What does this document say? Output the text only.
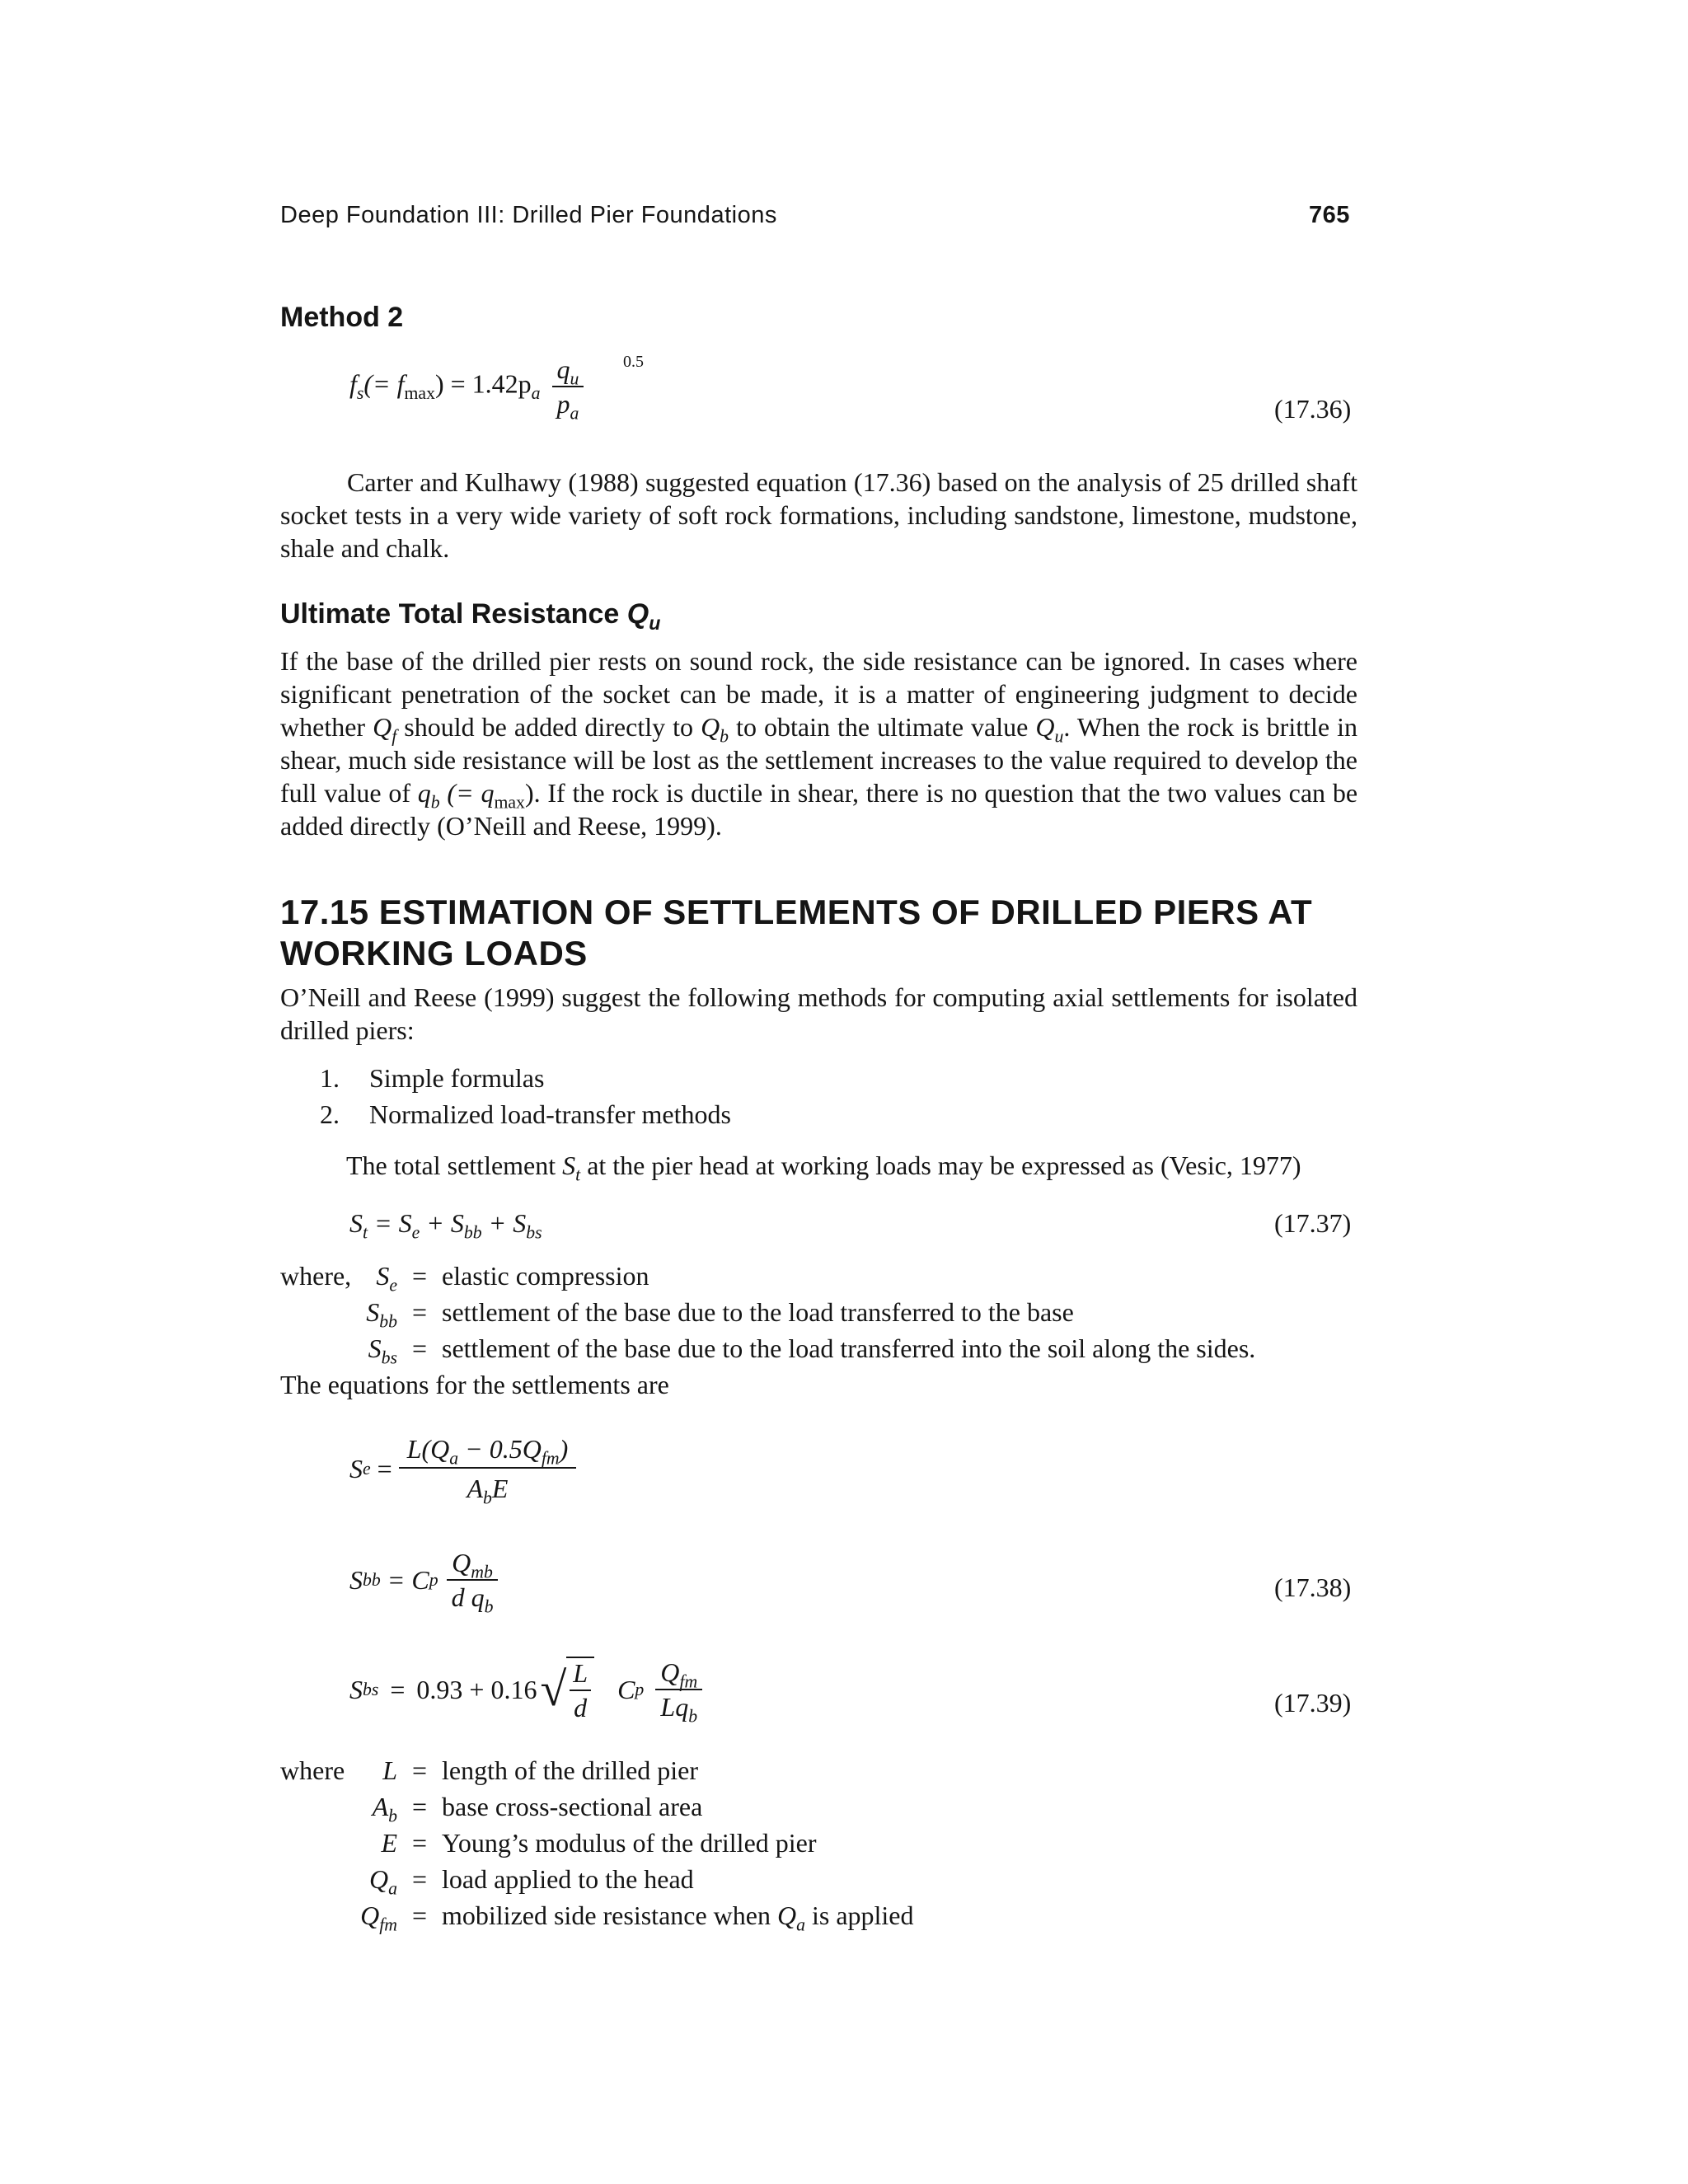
Deep Foundation III: Drilled Pier Foundations	765
Method 2
$f_s(= f_{max}) = 1.42p_a \frac{q_u}{p_a} 0.5$
(17.36)
Carter and Kulhawy (1988) suggested equation (17.36) based on the analysis of 25 drilled shaft socket tests in a very wide variety of soft rock formations, including sandstone, limestone, mudstone, shale and chalk.
Ultimate Total Resistance $Q_u$
If the base of the drilled pier rests on sound rock, the side resistance can be ignored. In cases where significant penetration of the socket can be made, it is a matter of engineering judgment to decide whether $Q_f$ should be added directly to $Q_b$ to obtain the ultimate value $Q_u$. When the rock is brittle in shear, much side resistance will be lost as the settlement increases to the value required to develop the full value of $q_b$ (= $q_{max}$). If the rock is ductile in shear, there is no question that the two values can be added directly (O’Neill and Reese, 1999).
17.15 ESTIMATION OF SETTLEMENTS OF DRILLED PIERS AT
WORKING LOADS
O’Neill and Reese (1999) suggest the following methods for computing axial settlements for isolated drilled piers:
1. Simple formulas
2. Normalized load-transfer methods
The total settlement $S_t$ at the pier head at working loads may be expressed as (Vesic, 1977)
$S_t = S_e + S_{bb} + S_{bs}$	(17.37)
where, $S_e$ = elastic compression
$S_{bb}$ = settlement of the base due to the load transferred to the base
$S_{bs}$ = settlement of the base due to the load transferred into the soil along the sides.
The equations for the settlements are
S $e = \frac{L(Q_a - 0.5Q_{fm})}{A_bE}$
S bb = C p $\frac{Q_{mb}}{d q_b}$	(17.38)
S bs = 0.93 + 0.16 √ $\frac{L}{d}$ C p $\frac{Q_{fm}}{Lq_b}$	(17.39)
where	L = length of the drilled pier
$A_b$ = base cross-sectional area
E = Young’s modulus of the drilled pier
$Q_a$ = load applied to the head
$Q_{fm}$ = mobilized side resistance when $Q_a$ is applied
